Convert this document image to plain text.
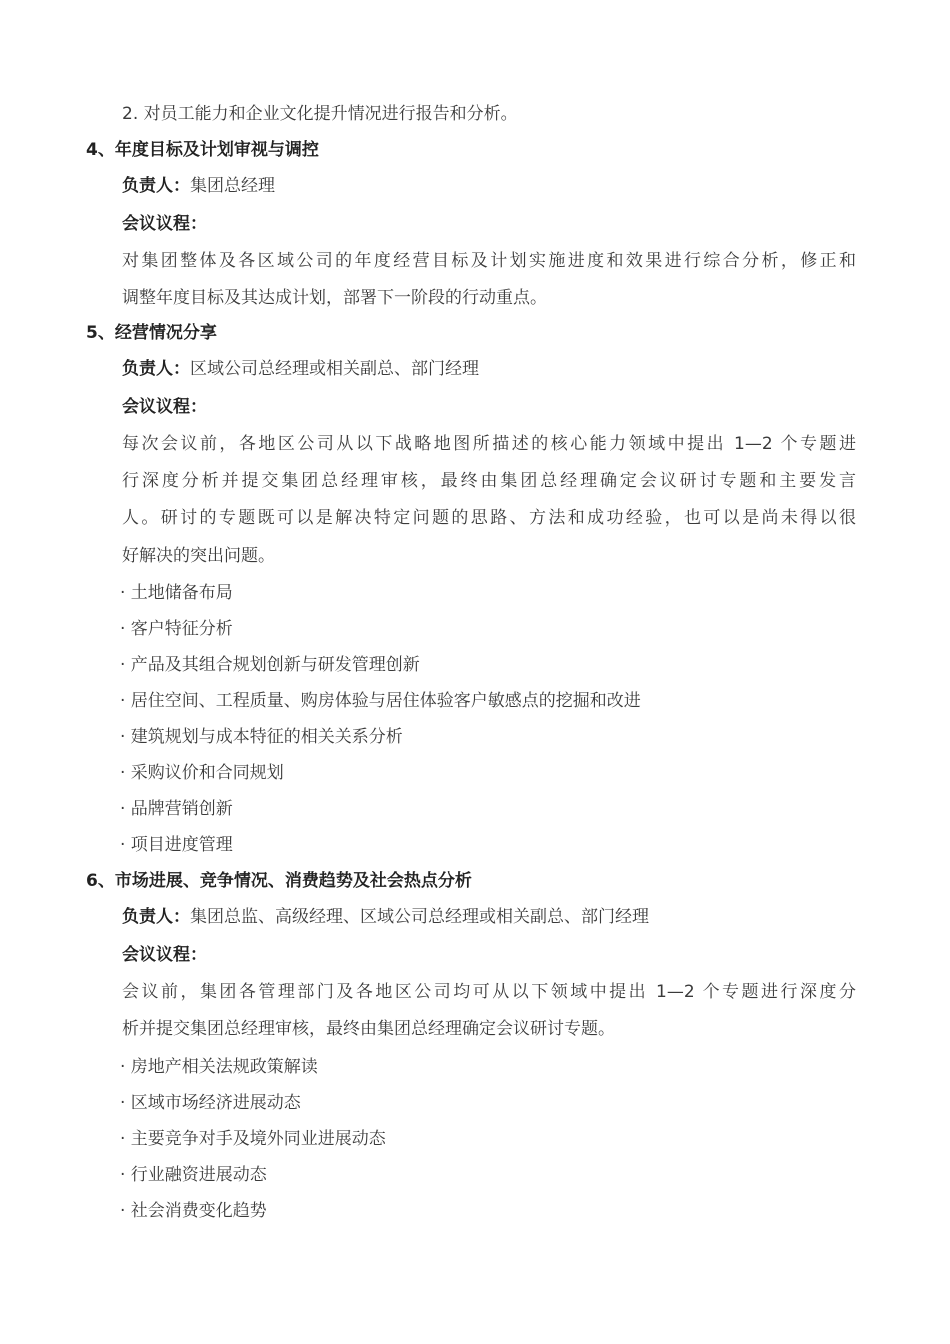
2. 对员工能力和企业文化提升情况进行报告和分析。
4、年度目标及计划审视与调控
负责人：集团总经理
会议议程：
对集团整体及各区域公司的年度经营目标及计划实施进度和效果进行综合分析，修正和
调整年度目标及其达成计划，部署下一阶段的行动重点。
5、经营情况分享
负责人：区域公司总经理或相关副总、部门经理
会议议程：
每次会议前，各地区公司从以下战略地图所描述的核心能力领域中提出 1—2 个专题进
行深度分析并提交集团总经理审核，最终由集团总经理确定会议研讨专题和主要发言
人。研讨的专题既可以是解决特定问题的思路、方法和成功经验，也可以是尚未得以很
好解决的突出问题。
· 土地储备布局
· 客户特征分析
· 产品及其组合规划创新与研发管理创新
· 居住空间、工程质量、购房体验与居住体验客户敏感点的挖掘和改进
· 建筑规划与成本特征的相关关系分析
· 采购议价和合同规划
· 品牌营销创新
· 项目进度管理
6、市场进展、竞争情况、消费趋势及社会热点分析
负责人：集团总监、高级经理、区域公司总经理或相关副总、部门经理
会议议程：
会议前，集团各管理部门及各地区公司均可从以下领域中提出 1—2 个专题进行深度分
析并提交集团总经理审核，最终由集团总经理确定会议研讨专题。
· 房地产相关法规政策解读
· 区域市场经济进展动态
· 主要竞争对手及境外同业进展动态
· 行业融资进展动态
· 社会消费变化趋势
